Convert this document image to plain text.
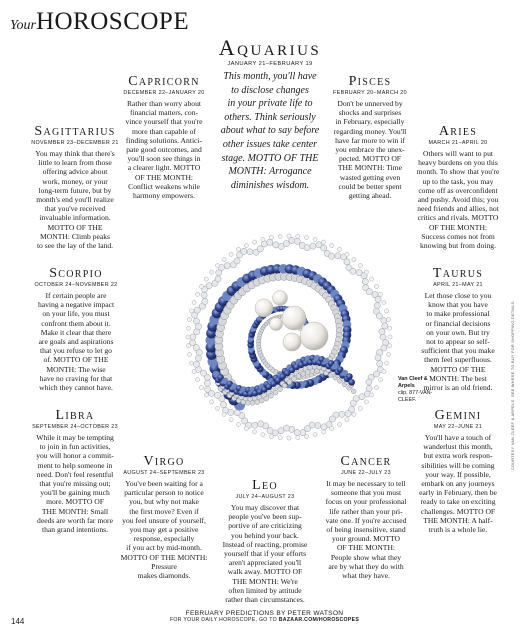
YourHOROSCOPE
Aquarius
JANUARY 21–FEBRUARY 19
This month, you'll have
to disclose changes
in your private life to
others. Think seriously
about what to say before
other issues take center
stage. MOTTO OF THE
MONTH: Arrogance
diminishes wisdom.
Capricorn
DECEMBER 22–JANUARY 20
Rather than worry about
financial matters, con-
vince yourself that you're
more than capable of
finding solutions. Antici-
pate good outcomes, and
you'll soon see things in
a clearer light. MOTTO
OF THE MONTH:
Conflict weakens while
harmony empowers.
Pisces
FEBRUARY 20–MARCH 20
Don't be unnerved by
shocks and surprises
in February, especially
regarding money. You'll
have far more to win if
you embrace the unex-
pected. MOTTO OF
THE MONTH: Time
wasted getting even
could be better spent
getting ahead.
Sagittarius
NOVEMBER 23–DECEMBER 21
You may think that there's
little to learn from those
offering advice about
work, money, or your
long-term future, but by
month's end you'll realize
that you've received
invaluable information.
MOTTO OF THE
MONTH: Climb peaks
to see the lay of the land.
Aries
MARCH 21–APRIL 20
Others will want to put
heavy burdens on you this
month. To show that you're
up to the task, you may
come off as overconfident
and pushy. Avoid this; you
need friends and allies, not
critics and rivals. MOTTO
OF THE MONTH:
Success comes not from
knowing but from doing.
Scorpio
OCTOBER 24–NOVEMBER 22
If certain people are
having a negative impact
on your life, you must
confront them about it.
Make it clear that there
are goals and aspirations
that you refuse to let go
of. MOTTO OF THE
MONTH: The wise
have no craving for that
which they cannot have.
Taurus
APRIL 21–MAY 21
Let those close to you
know that you have
to make professional
or financial decisions
on your own. But try
not to appear so self-
sufficient that you make
them feel superfluous.
MOTTO OF THE
MONTH: The best
mirror is an old friend.
Libra
SEPTEMBER 24–OCTOBER 23
While it may be tempting
to join in fun activities,
you will honor a commit-
ment to help someone in
need. Don't feel resentful
that you're missing out;
you'll be gaining much
more. MOTTO OF
THE MONTH: Small
deeds are worth far more
than grand intentions.
Gemini
MAY 22–JUNE 21
You'll have a touch of
wanderlust this month,
but extra work respon-
sibilities will be coming
your way. If possible,
embark on any journeys
early in February, then be
ready to take on exciting
challenges. MOTTO OF
THE MONTH: A half-
truth is a whole lie.
Virgo
AUGUST 24–SEPTEMBER 23
You've been waiting for a
particular person to notice
you, but why not make
the first move? Even if
you feel unsure of yourself,
you may get a positive
response, especially
if you act by mid-month.
MOTTO OF THE MONTH:
Pressure
makes diamonds.
Leo
JULY 24–AUGUST 23
You may discover that
people you've been sup-
portive of are criticizing
you behind your back.
Instead of reacting, promise
yourself that if your efforts
aren't appreciated you'll
walk away. MOTTO OF
THE MONTH: We're
often limited by attitude
rather than circumstances.
Cancer
JUNE 22–JULY 23
It may be necessary to tell
someone that you must
focus on your professional
life rather than your pri-
vate one. If you're accused
of being insensitive, stand
your ground. MOTTO
OF THE MONTH:
People show what they
are by what they do with
what they have.
Van Cleef &
Arpels
clip, 877-VAN-
CLEEF.	COURTESY VAN CLEEF & ARPELS. SEE WHERE TO BUY FOR SHOPPING DETAILS.
144
FEBRUARY PREDICTIONS BY PETER WATSON
FOR YOUR DAILY HOROSCOPE, GO TO BAZAAR.COM/HOROSCOPES
